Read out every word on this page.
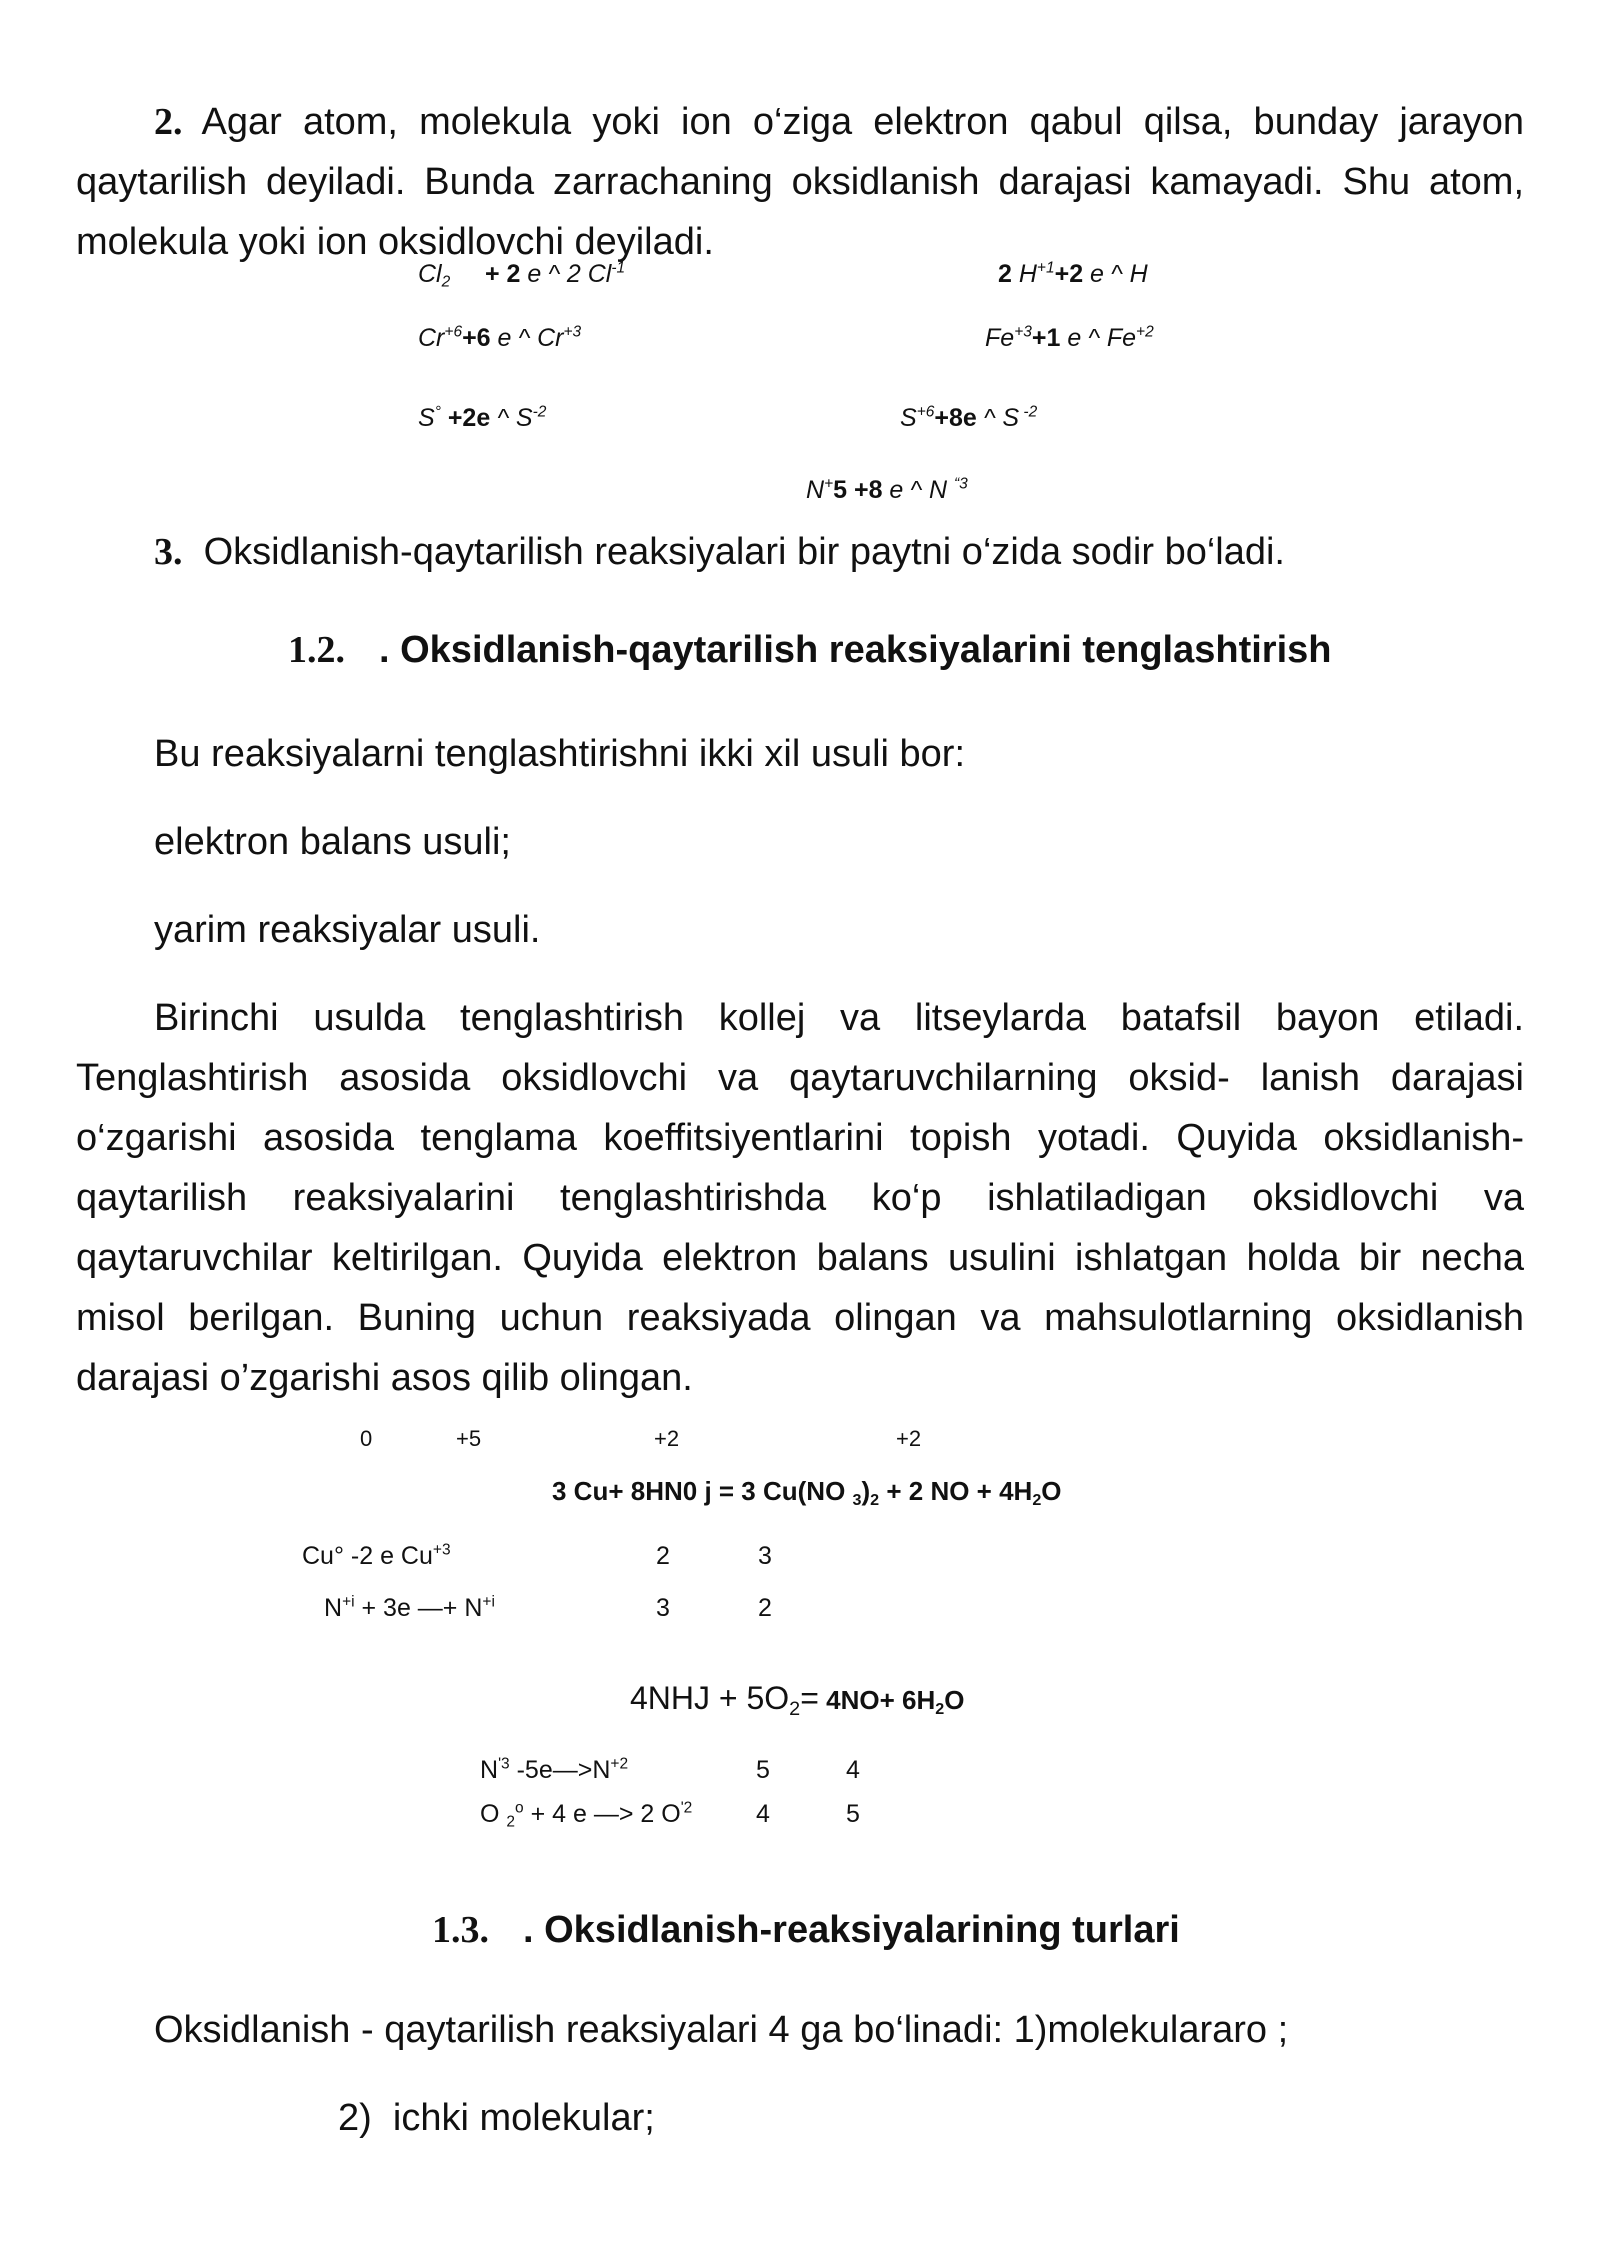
2. Agar atom, molekula yoki ion o‘ziga elektron qabul qilsa, bunday jarayon qaytarilish deyiladi. Bunda zarrachaning oksidlanish darajasi kamayadi. Shu atom, molekula yoki ion oksidlovchi deyiladi.

$Cl_2 + 2$ e ^ 2 $Cl^{-1}$	2 $H^{+1}+2$ e ^ H
$Cr^{+6}+6$ e ^ $Cr^{+3}$	$Fe^{+3}+1$ e ^ $Fe^{+2}$
S° +2e ^ $S^{-2}$	$S^{+6}+8e$ ^ S $^{-2}$
N+5 +8 e ^ N $^{“3}$
3. Oksidlanish-qaytarilish reaksiyalari bir paytni o‘zida sodir bo‘ladi.
1.2. . Oksidlanish-qaytarilish reaksiyalarini tenglashtirish
Bu reaksiyalarni tenglashtirishni ikki xil usuli bor:
elektron balans usuli;
yarim reaksiyalar usuli.

Birinchi usulda tenglashtirish kollej va litseylarda batafsil bayon etiladi. Tenglashtirish asosida oksidlovchi va qaytaruvchilarning oksid- lanish darajasi o‘zgarishi asosida tenglama koeffitsiyentlarini topish yotadi. Quyida oksidlanish-qaytarilish reaksiyalarini tenglashtirishda ko‘p ishlatiladigan oksidlovchi va qaytaruvchilar keltirilgan. Quyida elektron balans usulini ishlatgan holda bir necha misol berilgan. Buning uchun reaksiyada olingan va mahsulotlarning oksidlanish darajasi o’zgarishi asos qilib olingan.

0	+5	+2	+2
3 Cu+ 8HN0 j = 3 Cu(NO $_3)_2 + 2$ NO + $4H_2O$
Cu° -2 e $Cu^{+3}$	2	3
$N^{+i} + 3e$ —+ $N^{+i}$	3	2
$4NHJ + 5O_2= 4NO+ 6H_2O$
$N^{'3}$ $-5e—>N^{+2}$	5	4
O $_2^o$ + 4 e —> 2 $O^{'2}$	4	5
1.3. . Oksidlanish-reaksiyalarining turlari
Oksidlanish - qaytarilish reaksiyalari 4 ga bo‘linadi: 1)molekularar​o ;
2) ichki molekular;
